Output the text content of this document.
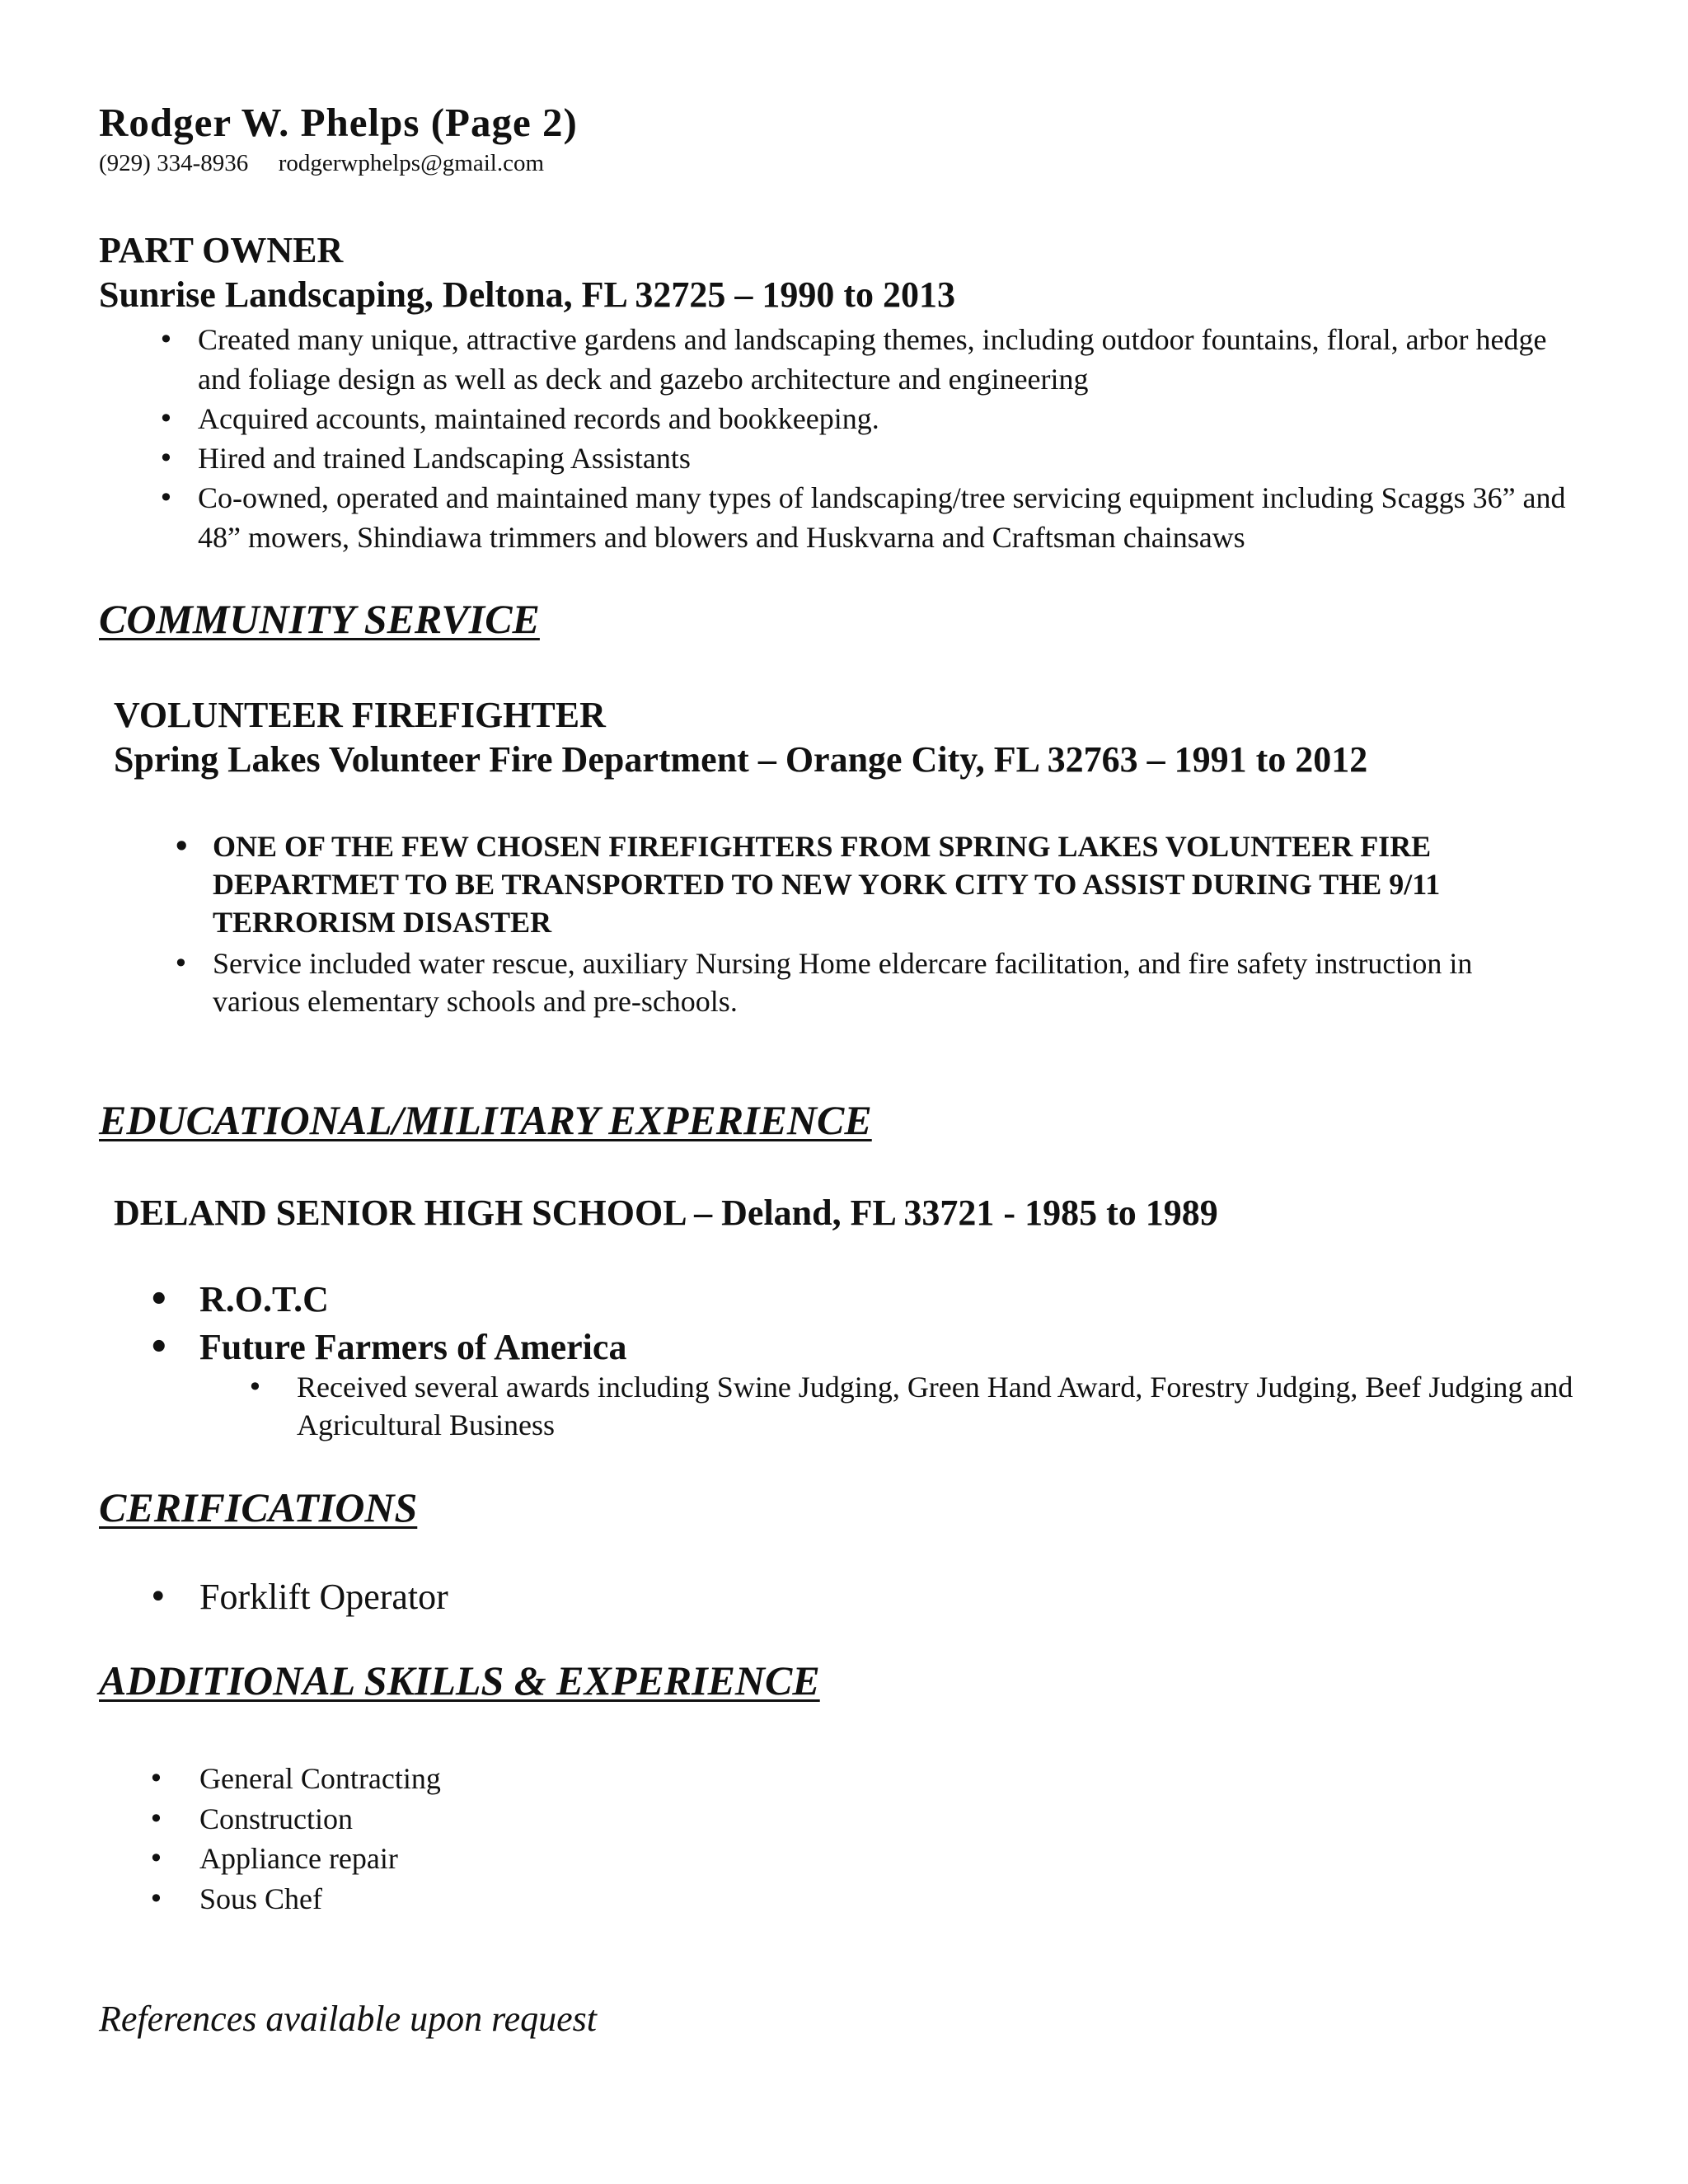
Rodger W. Phelps (Page 2)
(929) 334-8936 rodgerwphelps@gmail.com
PART OWNER
Sunrise Landscaping, Deltona, FL 32725 – 1990 to 2013
• Created many unique, attractive gardens and landscaping themes, including outdoor fountains, floral, arbor hedge and foliage design as well as deck and gazebo architecture and engineering
• Acquired accounts, maintained records and bookkeeping.
• Hired and trained Landscaping Assistants
• Co-owned, operated and maintained many types of landscaping/tree servicing equipment including Scaggs 36” and 48” mowers, Shindiawa trimmers and blowers and Huskvarna and Craftsman chainsaws
COMMUNITY SERVICE
VOLUNTEER FIREFIGHTER
Spring Lakes Volunteer Fire Department – Orange City, FL 32763 – 1991 to 2012
• ONE OF THE FEW CHOSEN FIREFIGHTERS FROM SPRING LAKES VOLUNTEER FIRE DEPARTMET TO BE TRANSPORTED TO NEW YORK CITY TO ASSIST DURING THE 9/11 TERRORISM DISASTER
• Service included water rescue, auxiliary Nursing Home eldercare facilitation, and fire safety instruction in various elementary schools and pre-schools.
EDUCATIONAL/MILITARY EXPERIENCE
DELAND SENIOR HIGH SCHOOL – Deland, FL 33721 - 1985 to 1989
• R.O.T.C
• Future Farmers of America
• Received several awards including Swine Judging, Green Hand Award, Forestry Judging, Beef Judging and Agricultural Business
CERIFICATIONS
• Forklift Operator
ADDITIONAL SKILLS & EXPERIENCE
• General Contracting
• Construction
• Appliance repair
• Sous Chef
References available upon request
